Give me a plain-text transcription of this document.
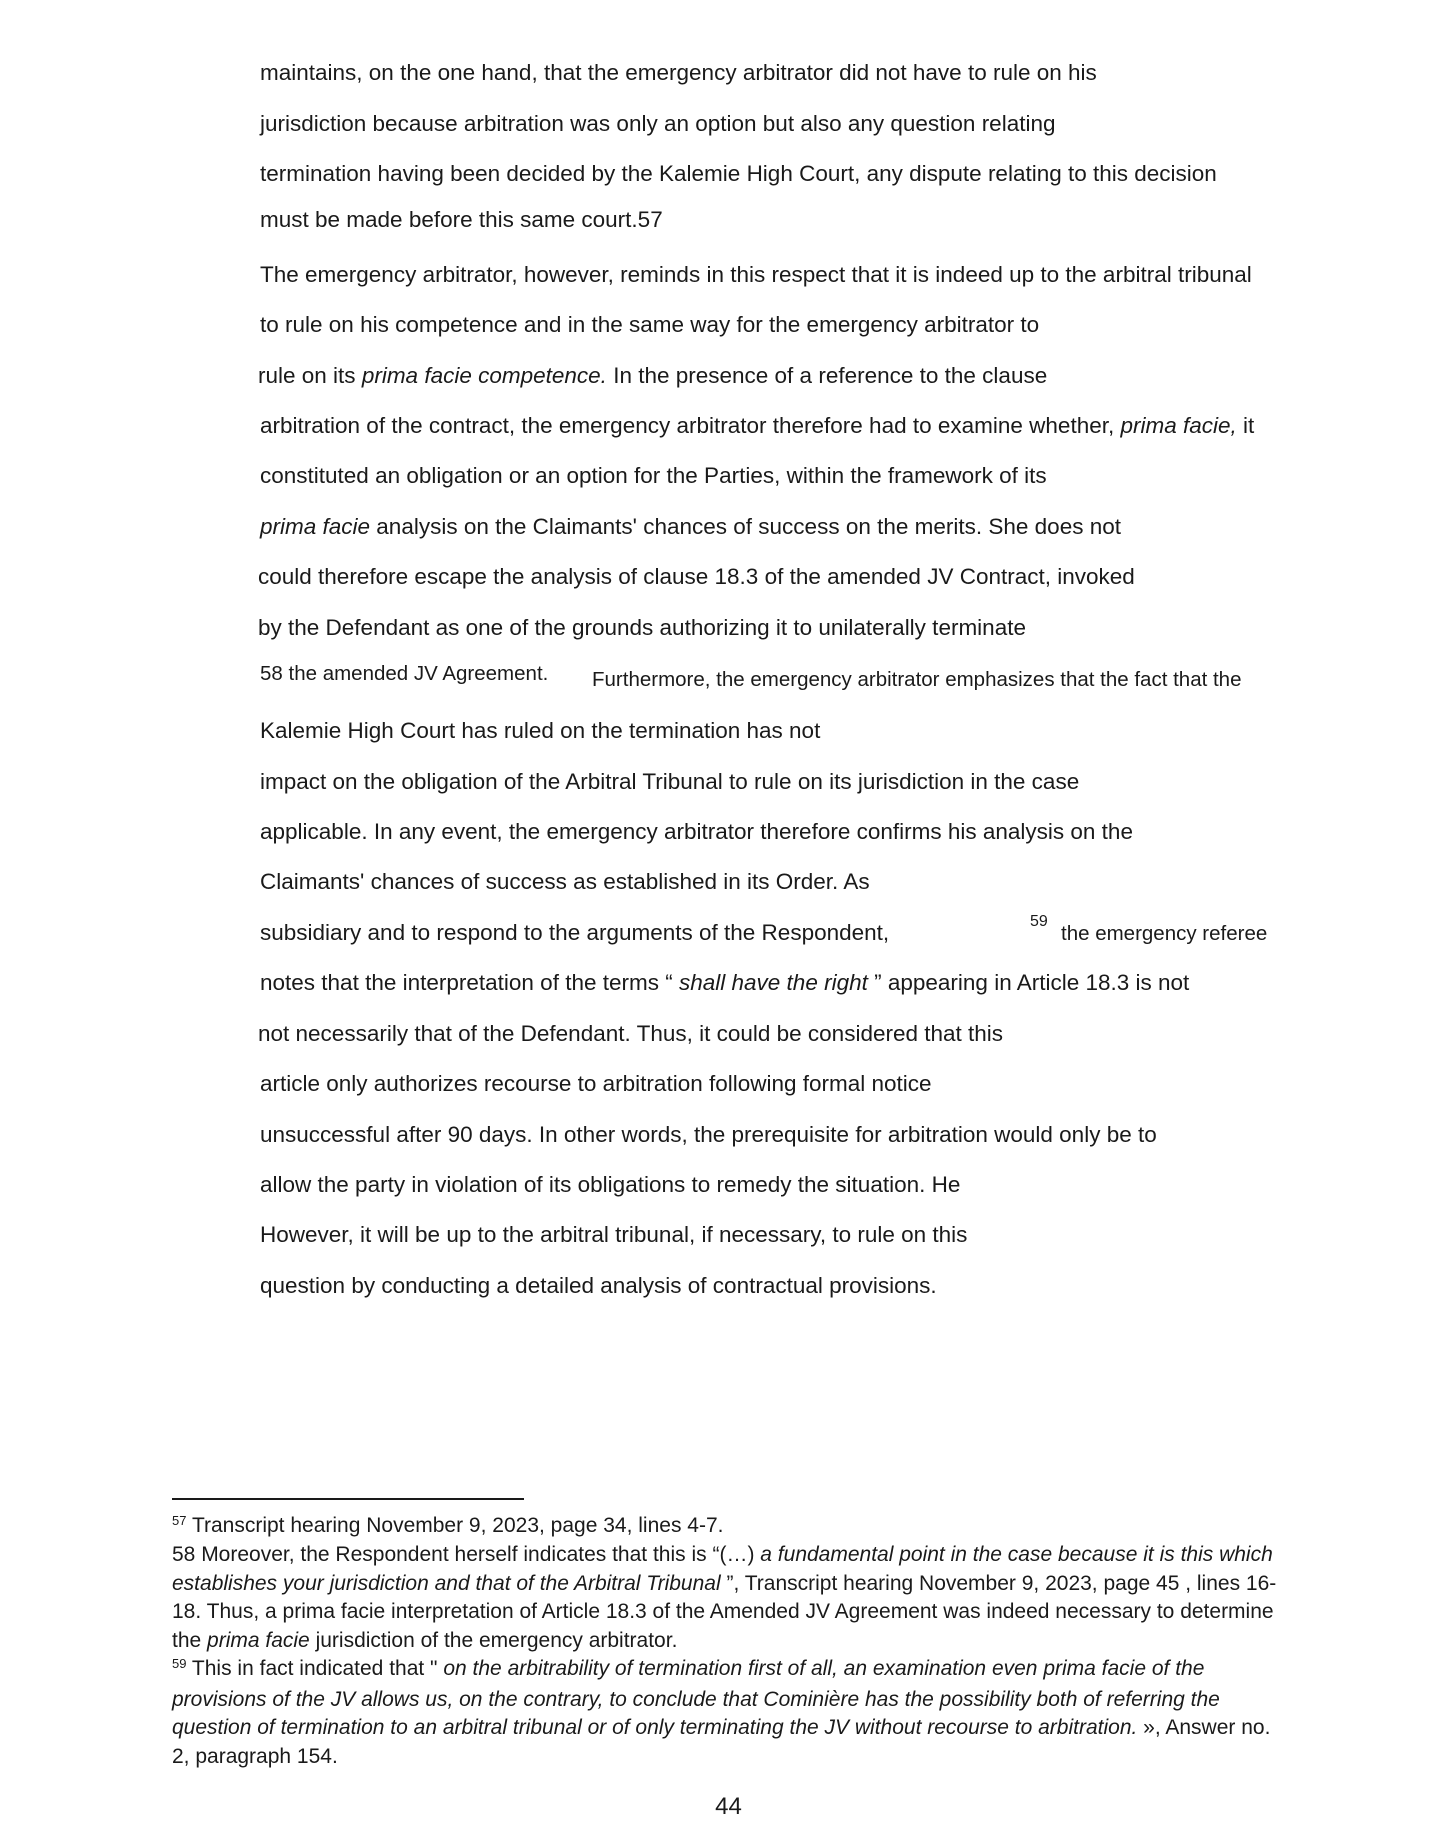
maintains, on the one hand, that the emergency arbitrator did not have to rule on his
jurisdiction because arbitration was only an option but also any question relating
termination having been decided by the Kalemie High Court, any dispute relating to this decision
must be made before this same court.57
The emergency arbitrator, however, reminds in this respect that it is indeed up to the arbitral tribunal
to rule on his competence and in the same way for the emergency arbitrator to
rule on its prima facie competence. In the presence of a reference to the clause
arbitration of the contract, the emergency arbitrator therefore had to examine whether, prima facie, it
constituted an obligation or an option for the Parties, within the framework of its
prima facie analysis on the Claimants' chances of success on the merits. She does not
could therefore escape the analysis of clause 18.3 of the amended JV Contract, invoked
by the Defendant as one of the grounds authorizing it to unilaterally terminate
58 the amended JV Agreement. Furthermore, the emergency arbitrator emphasizes that the fact that the
Kalemie High Court has ruled on the termination has not
impact on the obligation of the Arbitral Tribunal to rule on its jurisdiction in the case
applicable. In any event, the emergency arbitrator therefore confirms his analysis on the
Claimants' chances of success as established in its Order. As
subsidiary and to respond to the arguments of the Respondent,	59
the emergency referee
notes that the interpretation of the terms “ shall have the right ” appearing in Article 18.3 is not
not necessarily that of the Defendant. Thus, it could be considered that this
article only authorizes recourse to arbitration following formal notice
unsuccessful after 90 days. In other words, the prerequisite for arbitration would only be to
allow the party in violation of its obligations to remedy the situation. He
However, it will be up to the arbitral tribunal, if necessary, to rule on this
question by conducting a detailed analysis of contractual provisions.
$^{57}$ Transcript hearing November 9, 2023, page 34, lines 4-7.
58 Moreover, the Respondent herself indicates that this is “(…) a fundamental point in the case because it is this which establishes your jurisdiction and that of the Arbitral Tribunal ”, Transcript hearing November 9, 2023, page 45 , lines 16-18. Thus, a prima facie interpretation of Article 18.3 of the Amended JV Agreement was indeed necessary to determine the prima facie jurisdiction of the emergency arbitrator.
$^{59}$ This in fact indicated that " on the arbitrability of termination first of all, an examination even prima facie of the provisions of the JV allows us, on the contrary, to conclude that Cominière has the possibility both of referring the question of termination to an arbitral tribunal or of only terminating the JV without recourse to arbitration. », Answer no. 2, paragraph 154.
44
